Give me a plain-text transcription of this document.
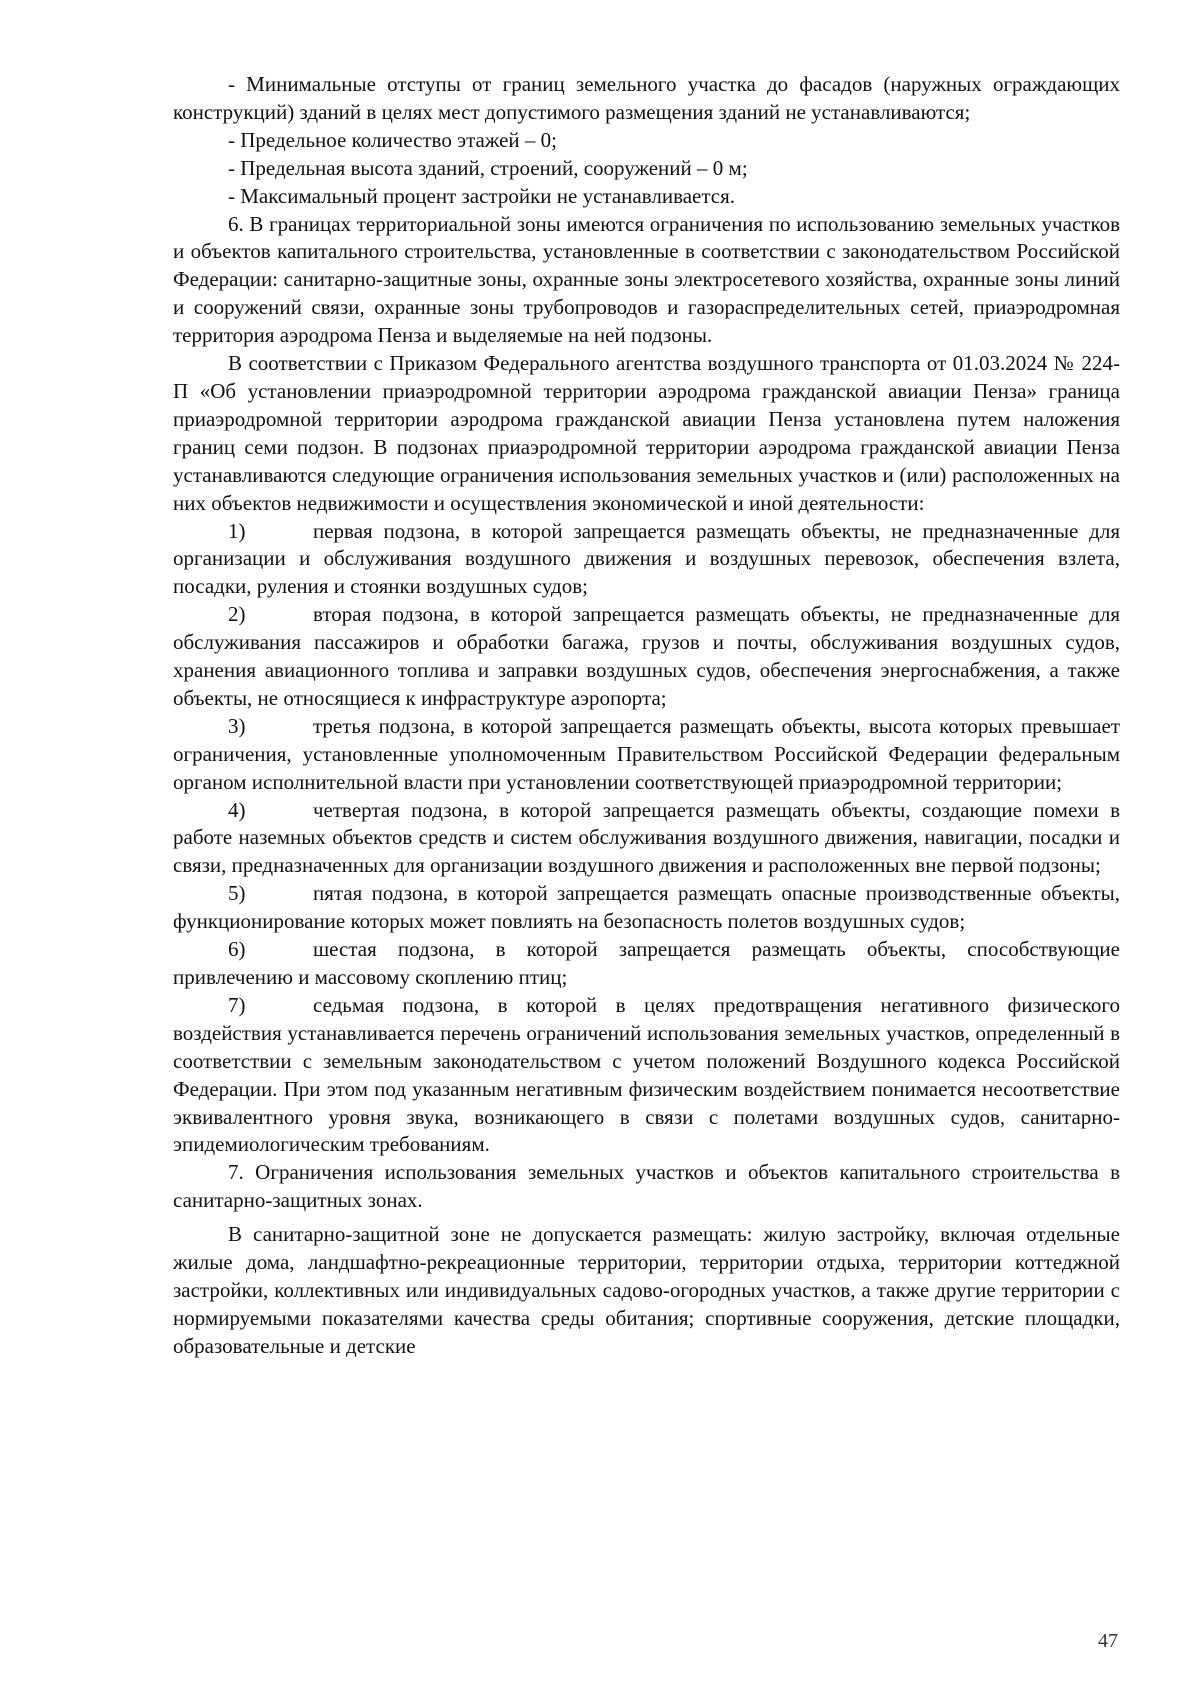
- Минимальные отступы от границ земельного участка до фасадов (наружных ограждающих конструкций) зданий в целях мест допустимого размещения зданий не устанавливаются;

- Предельное количество этажей – 0;

- Предельная высота зданий, строений, сооружений – 0 м;

- Максимальный процент застройки не устанавливается.

6. В границах территориальной зоны имеются ограничения по использованию земельных участков и объектов капитального строительства, установленные в соответствии с законодательством Российской Федерации: санитарно-защитные зоны, охранные зоны электросетевого хозяйства, охранные зоны линий и сооружений связи, охранные зоны трубопроводов и газораспределительных сетей, приаэродромная территория аэродрома Пенза и выделяемые на ней подзоны.

В соответствии с Приказом Федерального агентства воздушного транспорта от 01.03.2024 № 224-П «Об установлении приаэродромной территории аэродрома гражданской авиации Пенза» граница приаэродромной территории аэродрома гражданской авиации Пенза установлена путем наложения границ семи подзон. В подзонах приаэродромной территории аэродрома гражданской авиации Пенза устанавливаются следующие ограничения использования земельных участков и (или) расположенных на них объектов недвижимости и осуществления экономической и иной деятельности:

1)	первая подзона, в которой запрещается размещать объекты, не предназначенные для организации и обслуживания воздушного движения и воздушных перевозок, обеспечения взлета, посадки, руления и стоянки воздушных судов;

2)	вторая подзона, в которой запрещается размещать объекты, не предназначенные для обслуживания пассажиров и обработки багажа, грузов и почты, обслуживания воздушных судов, хранения авиационного топлива и заправки воздушных судов, обеспечения энергоснабжения, а также объекты, не относящиеся к инфраструктуре аэропорта;

3)	третья подзона, в которой запрещается размещать объекты, высота которых превышает ограничения, установленные уполномоченным Правительством Российской Федерации федеральным органом исполнительной власти при установлении соответствующей приаэродромной территории;

4)	четвертая подзона, в которой запрещается размещать объекты, создающие помехи в работе наземных объектов средств и систем обслуживания воздушного движения, навигации, посадки и связи, предназначенных для организации воздушного движения и расположенных вне первой подзоны;

5)	пятая подзона, в которой запрещается размещать опасные производственные объекты, функционирование которых может повлиять на безопасность полетов воздушных судов;

6)	шестая подзона, в которой запрещается размещать объекты, способствующие привлечению и массовому скоплению птиц;

7)	седьмая подзона, в которой в целях предотвращения негативного физического воздействия устанавливается перечень ограничений использования земельных участков, определенный в соответствии с земельным законодательством с учетом положений Воздушного кодекса Российской Федерации. При этом под указанным негативным физическим воздействием понимается несоответствие эквивалентного уровня звука, возникающего в связи с полетами воздушных судов, санитарно-эпидемиологическим требованиям.

7. Ограничения использования земельных участков и объектов капитального строительства в санитарно-защитных зонах.

В санитарно-защитной зоне не допускается размещать: жилую застройку, включая отдельные жилые дома, ландшафтно-рекреационные территории, территории отдыха, территории коттеджной застройки, коллективных или индивидуальных садово-огородных участков, а также другие территории с нормируемыми показателями качества среды обитания; спортивные сооружения, детские площадки, образовательные и детские

47
